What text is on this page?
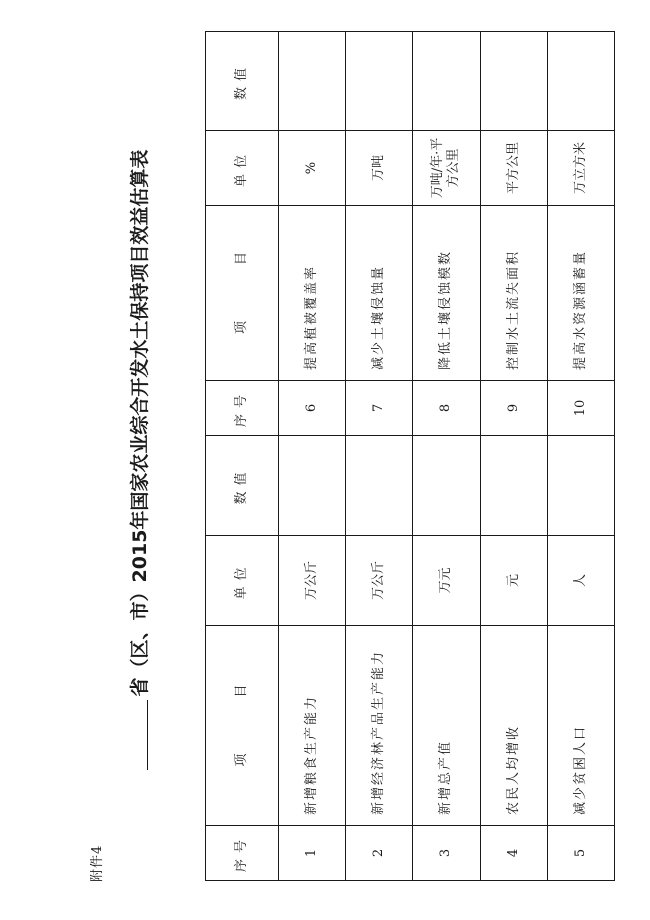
附件4
省（区、市）2015年国家农业综合开发水土保持项目效益估算表
序号	项目	单位	数值	序号	项目	单位	数值
1	新增粮食生产能力	万公斤		6	提高植被覆盖率	%	
2	新增经济林产品生产能力	万公斤		7	减少土壤侵蚀量	万吨	
3	新增总产值	万元		8	降低土壤侵蚀模数	万吨/年·平方公里	
4	农民人均增收	元		9	控制水土流失面积	平方公里	
5	减少贫困人口	人		10	提高水资源涵蓄量	万立方米	
